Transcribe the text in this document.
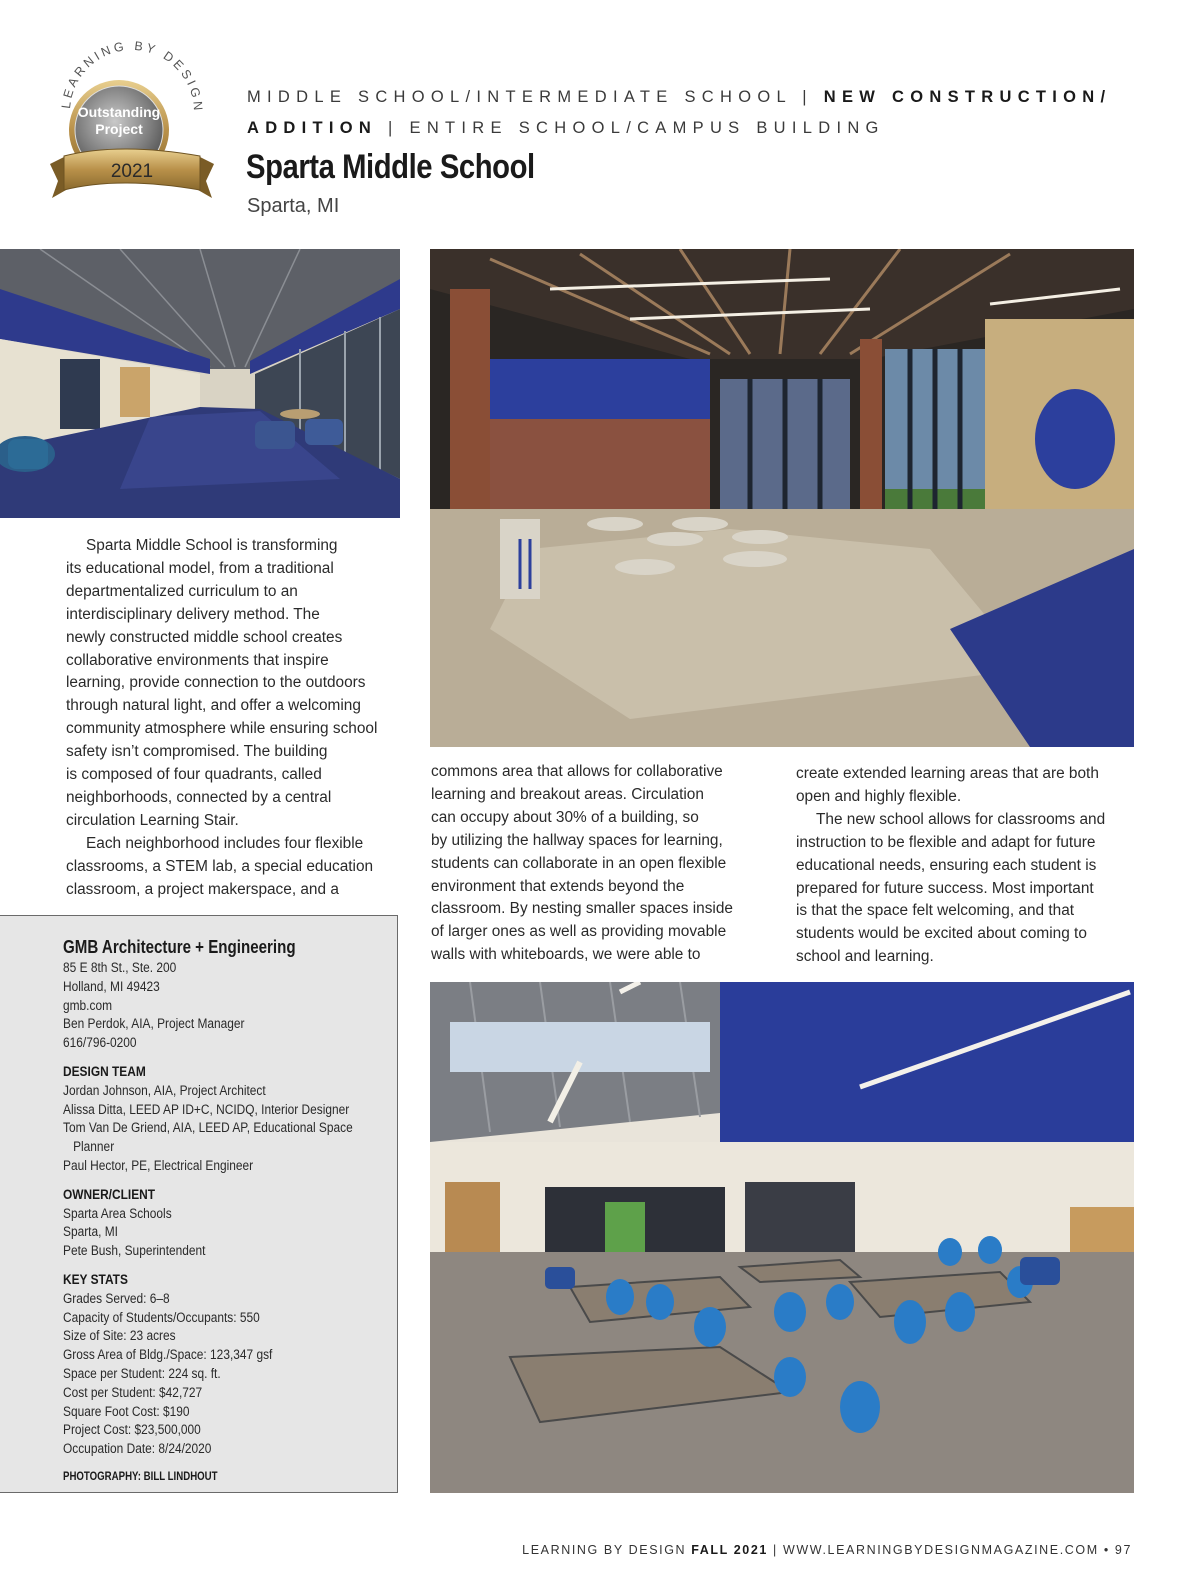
LEARNING BY DESIGN
Outstanding
Project
2021
MIDDLE SCHOOL/INTERMEDIATE SCHOOL | NEW CONSTRUCTION/
ADDITION | ENTIRE SCHOOL/CAMPUS BUILDING
Sparta Middle School
Sparta, MI

Sparta Middle School is transforming
its educational model, from a traditional
departmentalized curriculum to an
interdisciplinary delivery method. The
newly constructed middle school creates
collaborative environments that inspire
learning, provide connection to the outdoors
through natural light, and offer a welcoming
community atmosphere while ensuring school
safety isn’t compromised. The building
is composed of four quadrants, called
neighborhoods, connected by a central
circulation Learning Stair.

Each neighborhood includes four flexible
classrooms, a STEM lab, a special education
classroom, a project makerspace, and a

commons area that allows for collaborative
learning and breakout areas. Circulation
can occupy about 30% of a building, so
by utilizing the hallway spaces for learning,
students can collaborate in an open flexible
environment that extends beyond the
classroom. By nesting smaller spaces inside
of larger ones as well as providing movable
walls with whiteboards, we were able to

create extended learning areas that are both
open and highly flexible.

The new school allows for classrooms and
instruction to be flexible and adapt for future
educational needs, ensuring each student is
prepared for future success. Most important
is that the space felt welcoming, and that
students would be excited about coming to
school and learning.

GMB Architecture + Engineering
85 E 8th St., Ste. 200
Holland, MI 49423
gmb.com
Ben Perdok, AIA, Project Manager
616/796-0200
DESIGN TEAM
Jordan Johnson, AIA, Project Architect
Alissa Ditta, LEED AP ID+C, NCIDQ, Interior Designer
Tom Van De Griend, AIA, LEED AP, Educational Space
Planner
Paul Hector, PE, Electrical Engineer
OWNER/CLIENT
Sparta Area Schools
Sparta, MI
Pete Bush, Superintendent
KEY STATS
Grades Served: 6–8
Capacity of Students/Occupants: 550
Size of Site: 23 acres
Gross Area of Bldg./Space: 123,347 gsf
Space per Student: 224 sq. ft.
Cost per Student: $42,727
Square Foot Cost: $190
Project Cost: $23,500,000
Occupation Date: 8/24/2020
PHOTOGRAPHY: BILL LINDHOUT
LEARNING BY DESIGN FALL 2021 | WWW.LEARNINGBYDESIGNMAGAZINE.COM • 97
